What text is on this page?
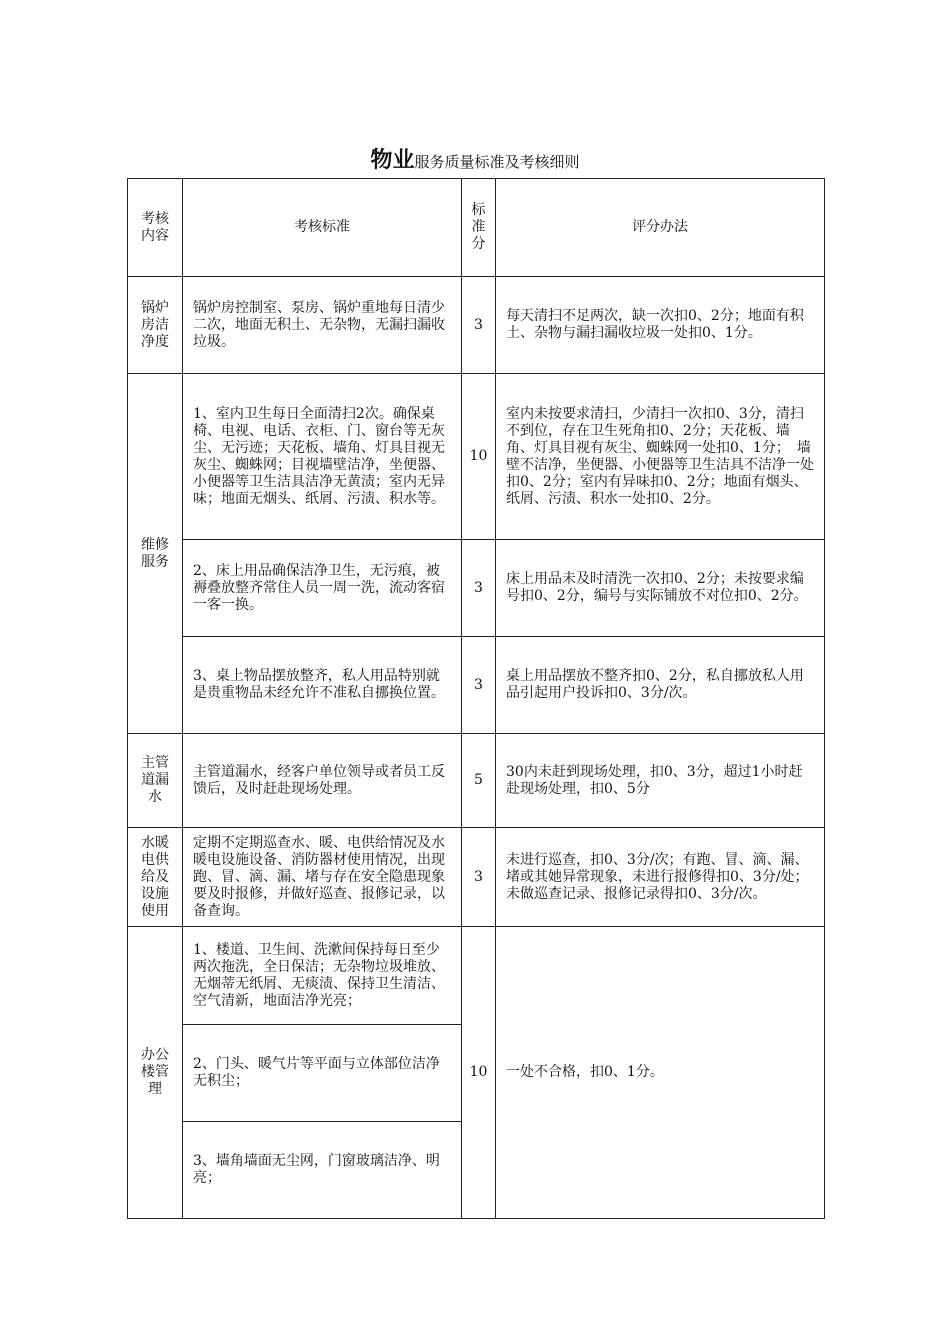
物业服务质量标准及考核细则
考核内容	考核标准	标准分	评分办法
锅炉房洁净度	锅炉房控制室、泵房、锅炉重地每日清少二次，地面无积土、无杂物，无漏扫漏收垃圾。	3	每天清扫不足两次，缺一次扣0、2分；地面有积土、杂物与漏扫漏收垃圾一处扣0、1分。
维修服务	1、室内卫生每日全面清扫2次。确保桌椅、电视、电话、衣柜、门、窗台等无灰尘、无污迹；天花板、墙角、灯具目视无灰尘、蜘蛛网；目视墙壁洁净，坐便器、小便器等卫生洁具洁净无黄渍；室内无异味；地面无烟头、纸屑、污渍、积水等。	10	室内未按要求清扫，少清扫一次扣0、3分，清扫不到位，存在卫生死角扣0、2分；天花板、墙角、灯具目视有灰尘、蜘蛛网一处扣0、1分；　墙壁不洁净，坐便器、小便器等卫生洁具不洁净一处扣0、2分；室内有异味扣0、2分；地面有烟头、纸屑、污渍、积水一处扣0、2分。
	2、床上用品确保洁净卫生，无污痕，被褥叠放整齐常住人员一周一洗，流动客宿一客一换。	3	床上用品未及时清洗一次扣0、2分；未按要求编号扣0、2分，编号与实际铺放不对位扣0、2分。
	3、桌上物品摆放整齐，私人用品特别就是贵重物品未经允许不准私自挪换位置。	3	桌上用品摆放不整齐扣0、2分，私自挪放私人用品引起用户投诉扣0、3分/次。
主管道漏水	主管道漏水，经客户单位领导或者员工反馈后，及时赶赴现场处理。	5	30内未赶到现场处理，扣0、3分，超过1小时赶赴现场处理，扣0、5分
水暖电供给及设施使用	定期不定期巡查水、暖、电供给情况及水暖电设施设备、消防器材使用情况，出现跑、冒、滴、漏、堵与存在安全隐患现象要及时报修，并做好巡查、报修记录，以备查询。	3	未进行巡查，扣0、3分/次；有跑、冒、滴、漏、堵或其她异常现象，未进行报修得扣0、3分/处；未做巡查记录、报修记录得扣0、3分/次。
办公楼管理	1、楼道、卫生间、洗漱间保持每日至少两次拖洗，全日保洁；无杂物垃圾堆放、无烟蒂无纸屑、无痰渍、保持卫生清洁、空气清新，地面洁净光亮；	10	一处不合格，扣0、1分。
	2、门头、暖气片等平面与立体部位洁净无积尘；		
	3、墙角墙面无尘网，门窗玻璃洁净、明亮；		
